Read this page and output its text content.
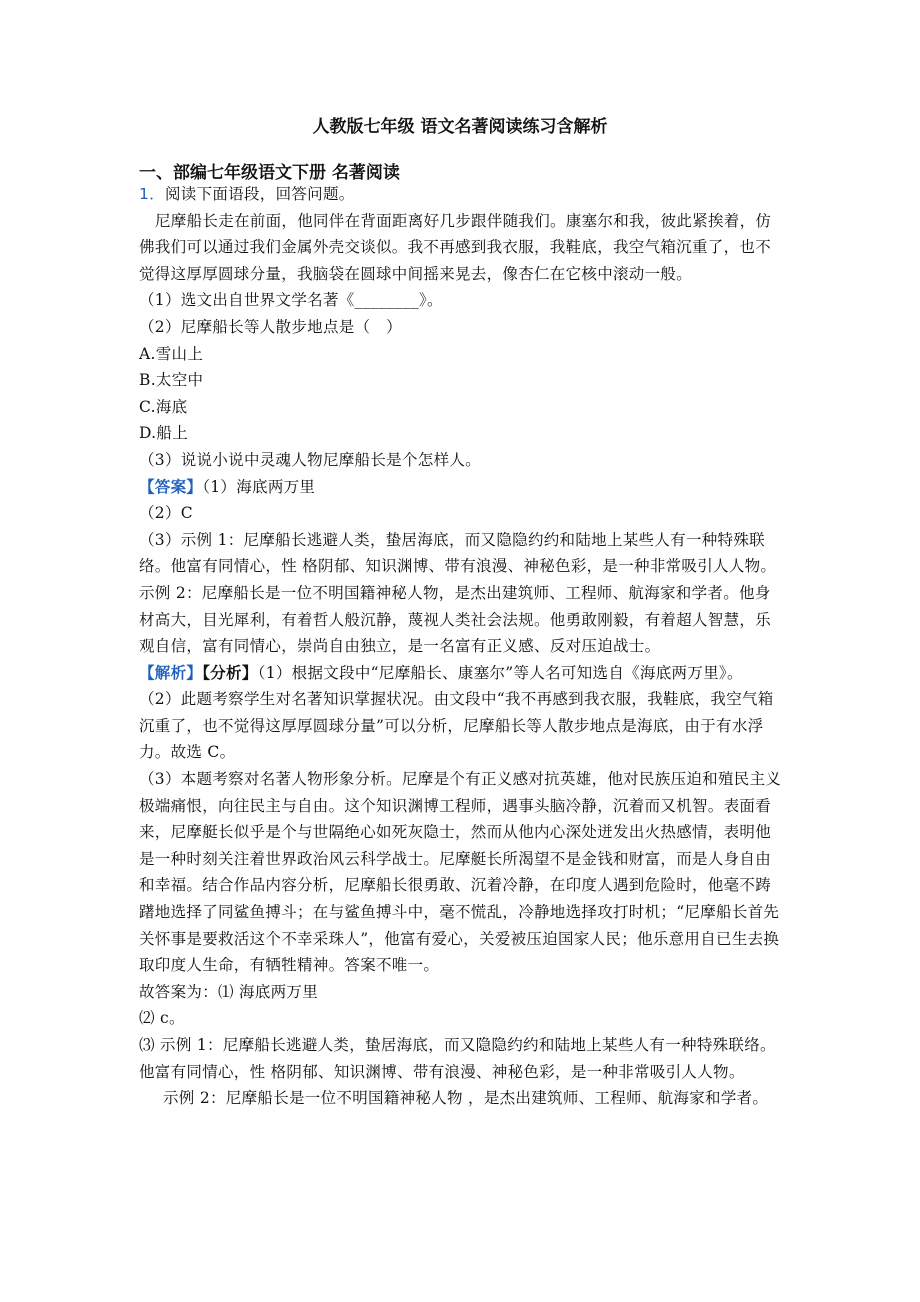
人教版七年级 语文名著阅读练习含解析
一、部编七年级语文下册 名著阅读

1．阅读下面语段，回答问题。

尼摩船长走在前面，他同伴在背面距离好几步跟伴随我们。康塞尔和我，彼此紧挨着，仿佛我们可以通过我们金属外壳交谈似。我不再感到我衣服，我鞋底，我空气箱沉重了，也不觉得这厚厚圆球分量，我脑袋在圆球中间摇来晃去，像杏仁在它核中滚动一般。

（1）选文出自世界文学名著《________》。

（2）尼摩船长等人散步地点是（　）

A.雪山上

B.太空中

C.海底

D.船上

（3）说说小说中灵魂人物尼摩船长是个怎样人。

【答案】（1）海底两万里

（2）C

（3）示例 1：尼摩船长逃避人类，蛰居海底，而又隐隐约约和陆地上某些人有一种特殊联络。他富有同情心，性 格阴郁、知识渊博、带有浪漫、神秘色彩，是一种非常吸引人人物。

示例 2：尼摩船长是一位不明国籍神秘人物，是杰出建筑师、工程师、航海家和学者。他身材高大，目光犀利，有着哲人般沉静，蔑视人类社会法规。他勇敢刚毅，有着超人智慧，乐观自信，富有同情心，崇尚自由独立，是一名富有正义感、反对压迫战士。

【解析】【分析】（1）根据文段中“尼摩船长、康塞尔”等人名可知选自《海底两万里》。

（2）此题考察学生对名著知识掌握状况。由文段中“我不再感到我衣服，我鞋底，我空气箱沉重了，也不觉得这厚厚圆球分量”可以分析，尼摩船长等人散步地点是海底，由于有水浮力。故选 C。

（3）本题考察对名著人物形象分析。尼摩是个有正义感对抗英雄，他对民族压迫和殖民主义极端痛恨，向往民主与自由。这个知识渊博工程师，遇事头脑冷静，沉着而又机智。表面看来，尼摩艇长似乎是个与世隔绝心如死灰隐士，然而从他内心深处迸发出火热感情，表明他是一种时刻关注着世界政治风云科学战士。尼摩艇长所渴望不是金钱和财富，而是人身自由和幸福。结合作品内容分析，尼摩船长很勇敢、沉着冷静，在印度人遇到危险时，他毫不踌躇地选择了同鲨鱼搏斗；在与鲨鱼搏斗中，毫不慌乱，冷静地选择攻打时机；“尼摩船长首先关怀事是要救活这个不幸采珠人”，他富有爱心，关爱被压迫国家人民；他乐意用自已生去换取印度人生命，有牺牲精神。答案不唯一。

故答案为：⑴ 海底两万里

⑵ c。

⑶ 示例 1：尼摩船长逃避人类，蛰居海底，而又隐隐约约和陆地上某些人有一种特殊联络。他富有同情心，性 格阴郁、知识渊博、带有浪漫、神秘色彩，是一种非常吸引人人物。

示例 2：尼摩船长是一位不明国籍神秘人物 ，是杰出建筑师、工程师、航海家和学者。
